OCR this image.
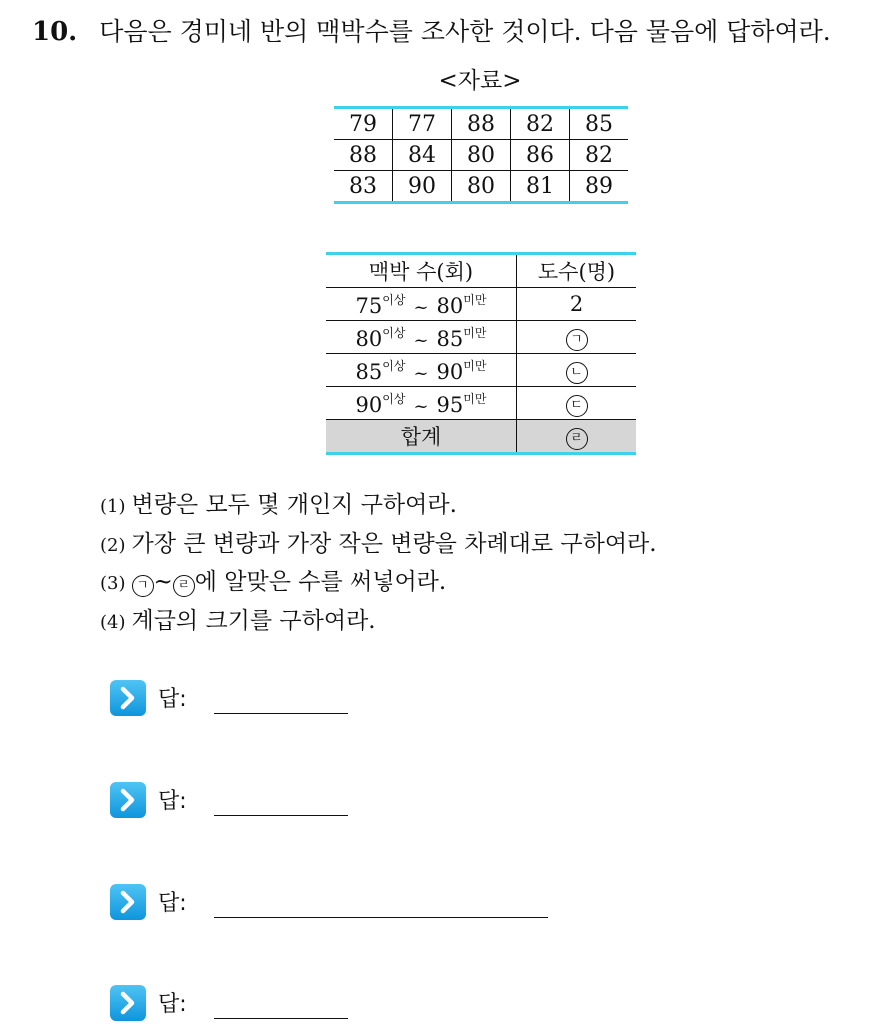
10. 다음은 경미네 반의 맥박수를 조사한 것이다. 다음 물음에 답하여라.
<자료>
79	77	88	82	85
88	84	80	86	82
83	90	80	81	89
맥박 수(회)	도수(명)
$75^{이상}$ ~ $80^{미만}$	2
$80^{이상}$ ~ $85^{미만}$	ㄱ
$85^{이상}$ ~ $90^{미만}$	ㄴ
$90^{이상}$ ~ $95^{미만}$	ㄷ
합계	ㄹ
(1) 변량은 모두 몇 개인지 구하여라.
(2) 가장 큰 변량과 가장 작은 변량을 차례대로 구하여라.
(3) ㄱ ~ ㄹ 에 알맞은 수를 써넣어라.
(4) 계급의 크기를 구하여라.
답:
답:
답:
답:
